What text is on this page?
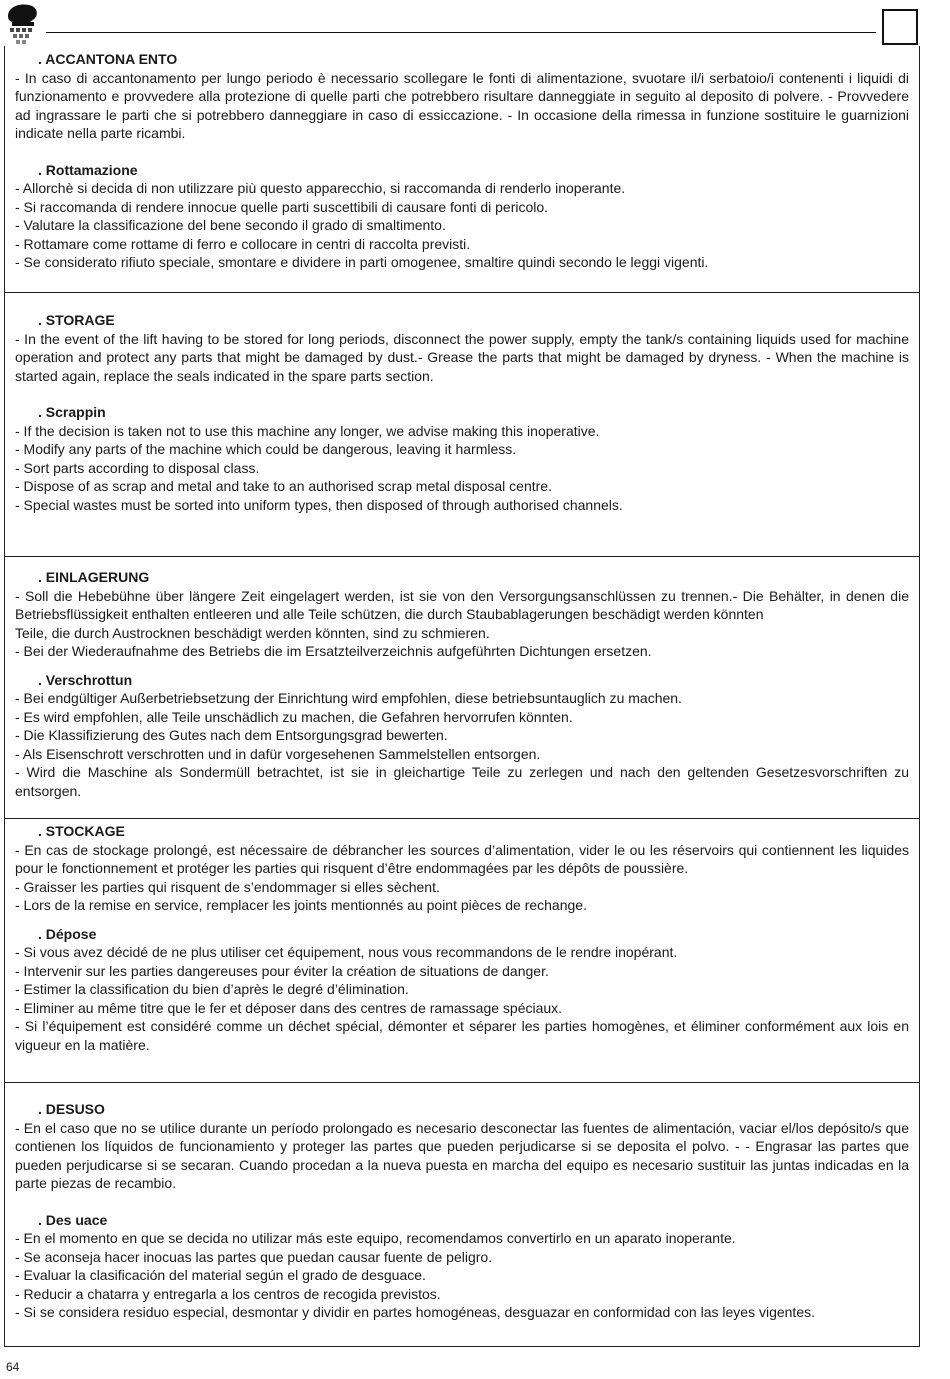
. ACCANTONA ENTO

- In caso di accantonamento per lungo periodo è necessario scollegare le fonti di alimentazione, svuotare il/i serbatoio/i contenenti i liquidi di funzionamento e provvedere alla protezione di quelle parti che potrebbero risultare danneggiate in seguito al deposito di polvere. - Provvedere ad ingrassare le parti che si potrebbero danneggiare in caso di essiccazione. - In occasione della rimessa in funzione sostituire le guarnizioni indicate nella parte ricambi.

. Rottamazione

- Allorchè si decida di non utilizzare più questo apparecchio, si raccomanda di renderlo inoperante.

- Si raccomanda di rendere innocue quelle parti suscettibili di causare fonti di pericolo.

- Valutare la classificazione del bene secondo il grado di smaltimento.

- Rottamare come rottame di ferro e collocare in centri di raccolta previsti.

- Se considerato rifiuto speciale, smontare e dividere in parti omogenee, smaltire quindi secondo le leggi vigenti.

. STORAGE

- In the event of the lift having to be stored for long periods, disconnect the power supply, empty the tank/s containing liquids used for machine operation and protect any parts that might be damaged by dust.- Grease the parts that might be damaged by dryness. - When the machine is started again, replace the seals indicated in the spare parts section.

. Scrappin

- If the decision is taken not to use this machine any longer, we advise making this inoperative.

- Modify any parts of the machine which could be dangerous, leaving it harmless.

- Sort parts according to disposal class.

- Dispose of as scrap and metal and take to an authorised scrap metal disposal centre.

- Special wastes must be sorted into uniform types, then disposed of through authorised channels.

. EINLAGERUNG

- Soll die Hebebühne über längere Zeit eingelagert werden, ist sie von den Versorgungsanschlüssen zu trennen.- Die Behälter, in denen die Betriebsflüssigkeit enthalten entleeren und alle Teile schützen, die durch Staubablagerungen beschädigt werden könnten

Teile, die durch Austrocknen beschädigt werden könnten, sind zu schmieren.

- Bei der Wiederaufnahme des Betriebs die im Ersatzteilverzeichnis aufgeführten Dichtungen ersetzen.

. Verschrottun

- Bei endgültiger Außerbetriebsetzung der Einrichtung wird empfohlen, diese betriebsuntauglich zu machen.

- Es wird empfohlen, alle Teile unschädlich zu machen, die Gefahren hervorrufen könnten.

- Die Klassifizierung des Gutes nach dem Entsorgungsgrad bewerten.

- Als Eisenschrott verschrotten und in dafür vorgesehenen Sammelstellen entsorgen.

- Wird die Maschine als Sondermüll betrachtet, ist sie in gleichartige Teile zu zerlegen und nach den geltenden Gesetzesvorschriften zu entsorgen.

. STOCKAGE

- En cas de stockage prolongé, est nécessaire de débrancher les sources d’alimentation, vider le ou les réservoirs qui contiennent les liquides pour le fonctionnement et protéger les parties qui risquent d’être endommagées par les dépôts de poussière.

- Graisser les parties qui risquent de s’endommager si elles sèchent.

- Lors de la remise en service, remplacer les joints mentionnés au point pièces de rechange.

. Dépose

- Si vous avez décidé de ne plus utiliser cet équipement, nous vous recommandons de le rendre inopérant.

- Intervenir sur les parties dangereuses pour éviter la création de situations de danger.

- Estimer la classification du bien d’après le degré d’élimination.

- Eliminer au même titre que le fer et déposer dans des centres de ramassage spéciaux.

- Si l’équipement est considéré comme un déchet spécial, démonter et séparer les parties homogènes, et éliminer conformément aux lois en vigueur en la matière.

. DESUSO

- En el caso que no se utilice durante un período prolongado es necesario desconectar las fuentes de alimentación, vaciar el/los depósito/s que contienen los líquidos de funcionamiento y proteger las partes que pueden perjudicarse si se deposita el polvo. - - Engrasar las partes que pueden perjudicarse si se secaran. Cuando procedan a la nueva puesta en marcha del equipo es necesario sustituir las juntas indicadas en la parte piezas de recambio.

. Des uace

- En el momento en que se decida no utilizar más este equipo, recomendamos convertirlo en un aparato inoperante.

- Se aconseja hacer inocuas las partes que puedan causar fuente de peligro.

- Evaluar la clasificación del material según el grado de desguace.

- Reducir a chatarra y entregarla a los centros de recogida previstos.

- Si se considera residuo especial, desmontar y dividir en partes homogéneas, desguazar en conformidad con las leyes vigentes.

64
